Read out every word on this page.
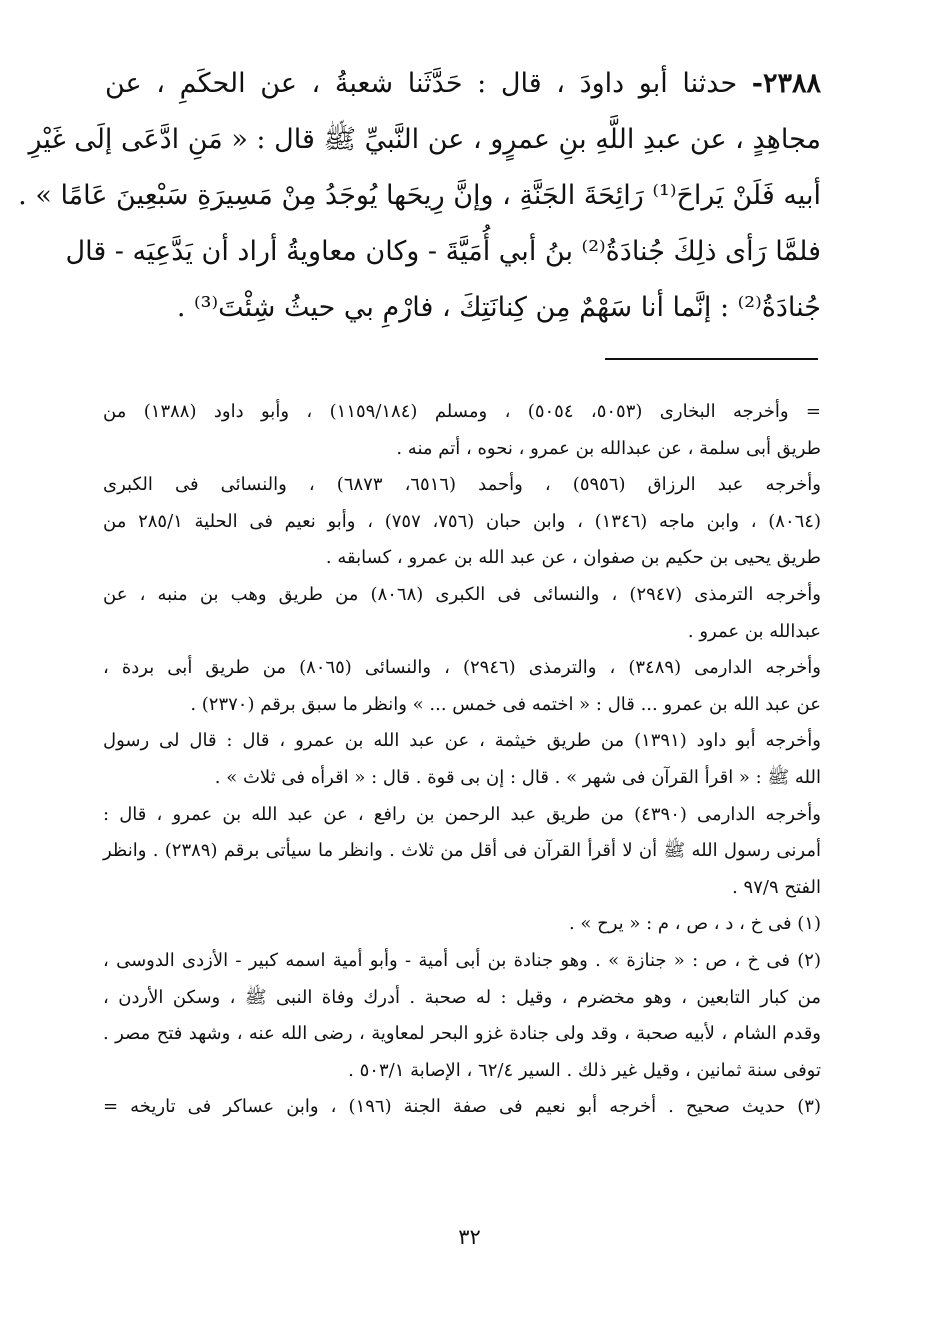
٢٣٨٨- حدثنا أبو داودَ ، قال : حَدَّثَنا شعبةُ ، عن الحكَمِ ، عن
مجاهِدٍ ، عن عبدِ اللَّهِ بنِ عمرٍو ، عن النَّبيِّ ﷺ قال : « مَنِ ادَّعَى إلَى غَيْرِ
أبيه فَلَنْ يَراحَ⁽¹⁾ رَائِحَةَ الجَنَّةِ ، وإنَّ رِيحَها يُوجَدُ مِنْ مَسِيرَةِ سَبْعِينَ عَامًا » .
فلمَّا رَأى ذلِكَ جُنادَةُ⁽²⁾ بنُ أبي أُمَيَّةَ - وكان معاويةُ أراد أن يَدَّعِيَه - قال
جُنادَةُ⁽²⁾ : إنَّما أنا سَهْمٌ مِن كِنانَتِكَ ، فارْمِ بي حيثُ شِئْتَ⁽³⁾ .
= وأخرجه البخارى (٥٠٥٣، ٥٠٥٤) ، ومسلم (١١٥٩/١٨٤) ، وأبو داود (١٣٨٨) من
طريق أبى سلمة ، عن عبدالله بن عمرو ، نحوه ، أتم منه .
وأخرجه عبد الرزاق (٥٩٥٦) ، وأحمد (٦٥١٦، ٦٨٧٣) ، والنسائى فى الكبرى
(٨٠٦٤) ، وابن ماجه (١٣٤٦) ، وابن حبان (٧٥٦، ٧٥٧) ، وأبو نعيم فى الحلية ٢٨٥/١ من
طريق يحيى بن حكيم بن صفوان ، عن عبد الله بن عمرو ، كسابقه .
وأخرجه الترمذى (٢٩٤٧) ، والنسائى فى الكبرى (٨٠٦٨) من طريق وهب بن منبه ، عن
عبدالله بن عمرو .
وأخرجه الدارمى (٣٤٨٩) ، والترمذى (٢٩٤٦) ، والنسائى (٨٠٦٥) من طريق أبى بردة ،
عن عبد الله بن عمرو ... قال : « اختمه فى خمس ... » وانظر ما سبق برقم (٢٣٧٠) .
وأخرجه أبو داود (١٣٩١) من طريق خيثمة ، عن عبد الله بن عمرو ، قال : قال لى رسول
الله ﷺ : « اقرأ القرآن فى شهر » . قال : إن بى قوة . قال : « اقرأه فى ثلاث » .
وأخرجه الدارمى (٤٣٩٠) من طريق عبد الرحمن بن رافع ، عن عبد الله بن عمرو ، قال :
أمرنى رسول الله ﷺ أن لا أقرأ القرآن فى أقل من ثلاث . وانظر ما سيأتى برقم (٢٣٨٩) . وانظر
الفتح ٩٧/٩ .
(١) فى خ ، د ، ص ، م : « يرح » .
(٢) فى خ ، ص : « جنازة » . وهو جنادة بن أبى أمية - وأبو أمية اسمه كبير - الأزدى الدوسى ،
من كبار التابعين ، وهو مخضرم ، وقيل : له صحبة . أدرك وفاة النبى ﷺ ، وسكن الأردن ،
وقدم الشام ، لأبيه صحبة ، وقد ولى جنادة غزو البحر لمعاوية ، رضى الله عنه ، وشهد فتح مصر .
توفى سنة ثمانين ، وقيل غير ذلك . السير ٦٢/٤ ، الإصابة ٥٠٣/١ .
(٣) حديث صحيح . أخرجه أبو نعيم فى صفة الجنة (١٩٦) ، وابن عساكر فى تاريخه =
٣٢
